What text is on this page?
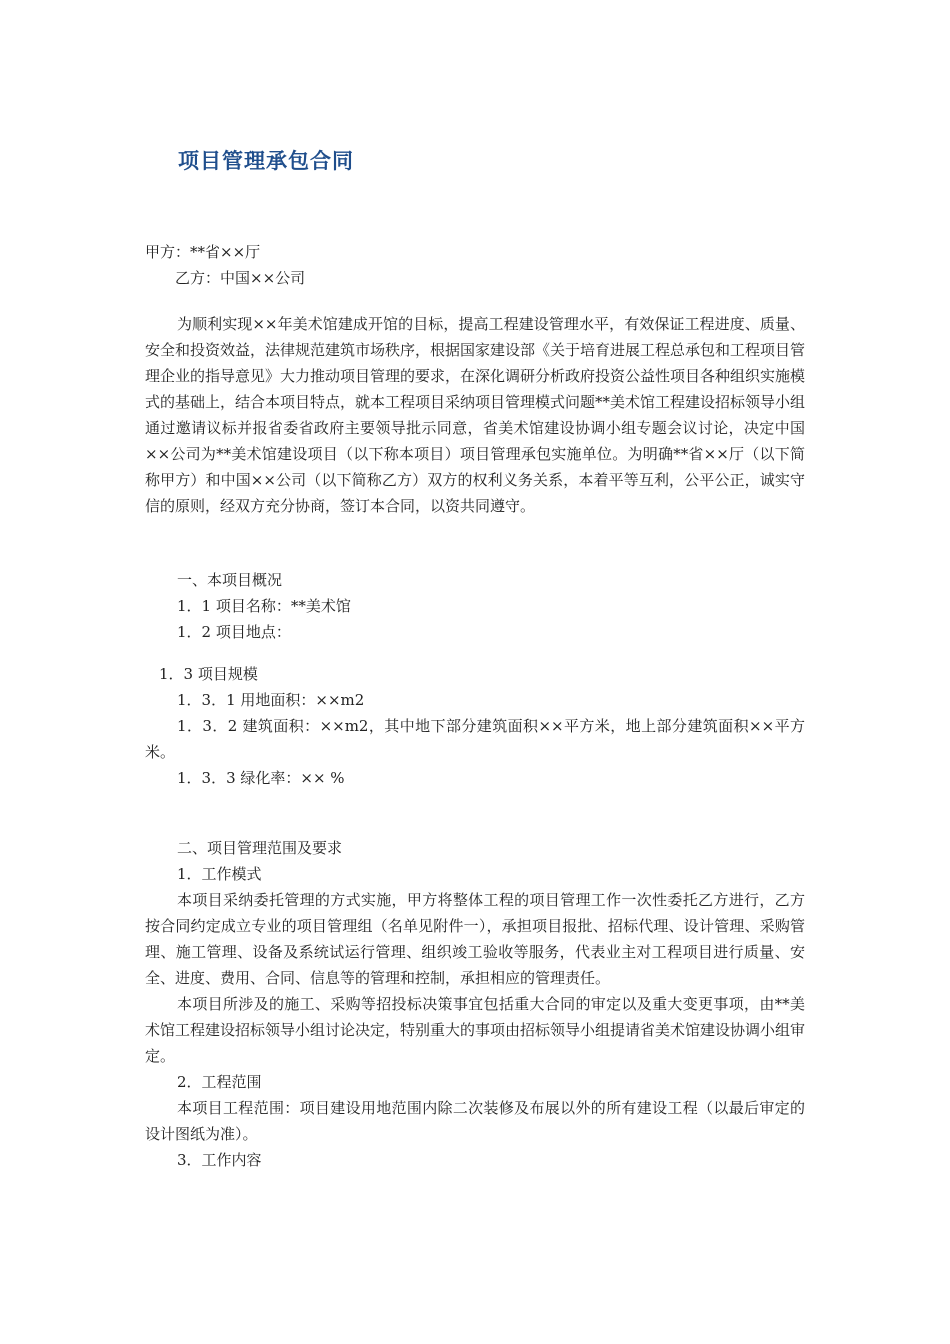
项目管理承包合同

甲方：**省××厅

乙方：中国××公司

为顺利实现××年美术馆建成开馆的目标，提高工程建设管理水平，有效保证工程进度、质量、安全和投资效益，法律规范建筑市场秩序，根据国家建设部《关于培育进展工程总承包和工程项目管理企业的指导意见》大力推动项目管理的要求，在深化调研分析政府投资公益性项目各种组织实施模式的基础上，结合本项目特点，就本工程项目采纳项目管理模式问题**美术馆工程建设招标领导小组通过邀请议标并报省委省政府主要领导批示同意，省美术馆建设协调小组专题会议讨论，决定中国××公司为**美术馆建设项目（以下称本项目）项目管理承包实施单位。为明确**省××厅（以下简称甲方）和中国××公司（以下简称乙方）双方的权利义务关系，本着平等互利，公平公正，诚实守信的原则，经双方充分协商，签订本合同，以资共同遵守。

一、本项目概况

1．1 项目名称：**美术馆

1．2 项目地点：

1．3 项目规模

1．3．1 用地面积：××m2

1．3．2 建筑面积：××m2，其中地下部分建筑面积××平方米，地上部分建筑面积××平方米。

1．3．3 绿化率：×× %

二、项目管理范围及要求

1．工作模式

本项目采纳委托管理的方式实施，甲方将整体工程的项目管理工作一次性委托乙方进行，乙方按合同约定成立专业的项目管理组（名单见附件一），承担项目报批、招标代理、设计管理、采购管理、施工管理、设备及系统试运行管理、组织竣工验收等服务，代表业主对工程项目进行质量、安全、进度、费用、合同、信息等的管理和控制，承担相应的管理责任。

本项目所涉及的施工、采购等招投标决策事宜包括重大合同的审定以及重大变更事项，由**美术馆工程建设招标领导小组讨论决定，特别重大的事项由招标领导小组提请省美术馆建设协调小组审定。

2．工程范围

本项目工程范围：项目建设用地范围内除二次装修及布展以外的所有建设工程（以最后审定的设计图纸为准）。

3．工作内容
